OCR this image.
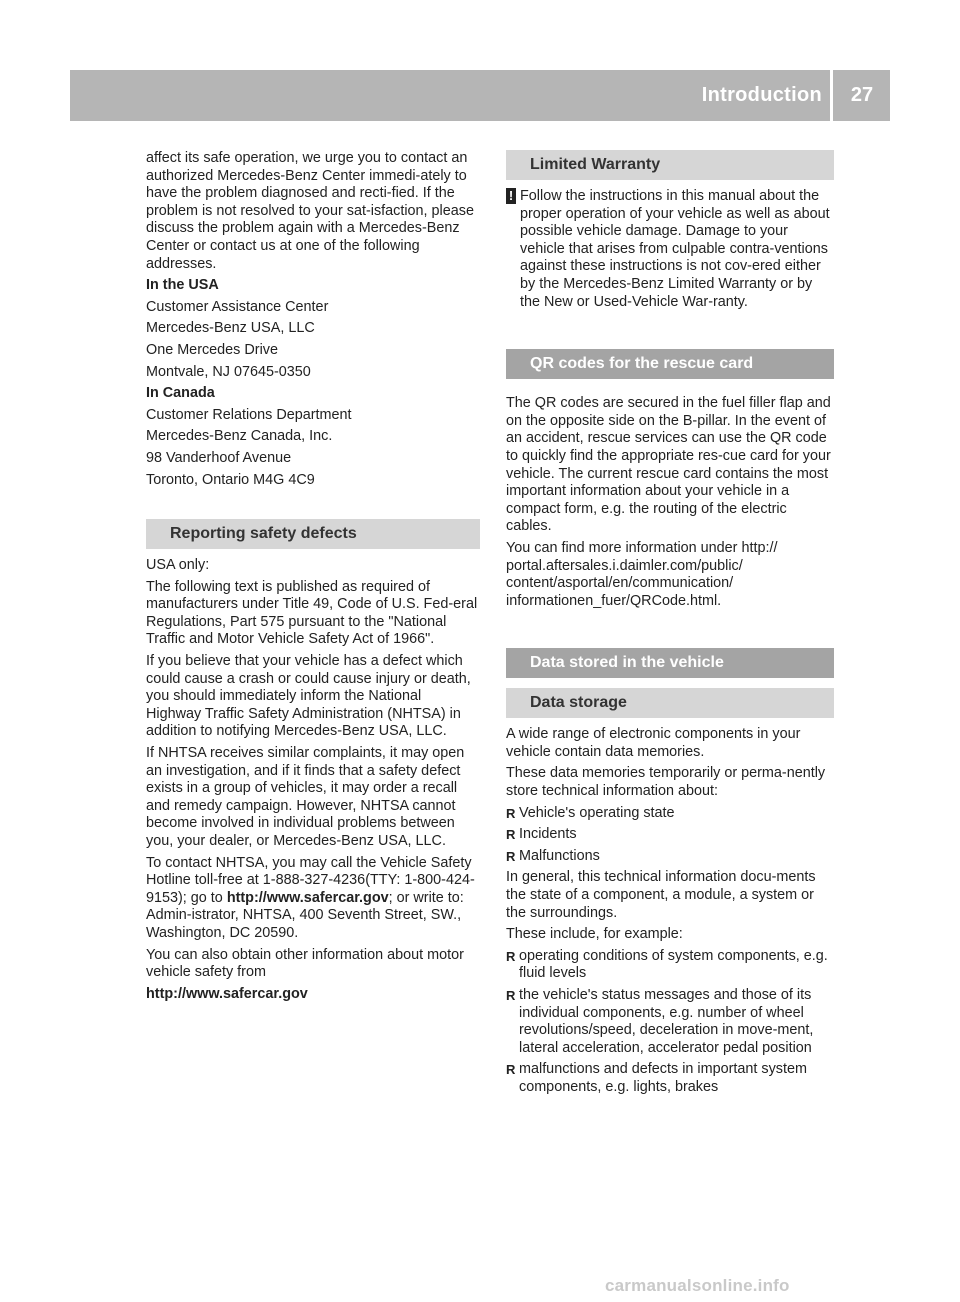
Introduction	27

affect its safe operation, we urge you to contact an authorized Mercedes-Benz Center immedi-ately to have the problem diagnosed and recti-fied. If the problem is not resolved to your sat-isfaction, please discuss the problem again with a Mercedes-Benz Center or contact us at one of the following addresses.

In the USA

Customer Assistance Center

Mercedes-Benz USA, LLC

One Mercedes Drive

Montvale, NJ 07645-0350

In Canada

Customer Relations Department

Mercedes-Benz Canada, Inc.

98 Vanderhoof Avenue

Toronto, Ontario M4G 4C9

Reporting safety defects

USA only:

The following text is published as required of manufacturers under Title 49, Code of U.S. Fed-eral Regulations, Part 575 pursuant to the "National Traffic and Motor Vehicle Safety Act of 1966".

If you believe that your vehicle has a defect which could cause a crash or could cause injury or death, you should immediately inform the National Highway Traffic Safety Administration (NHTSA) in addition to notifying Mercedes-Benz USA, LLC.

If NHTSA receives similar complaints, it may open an investigation, and if it finds that a safety defect exists in a group of vehicles, it may order a recall and remedy campaign. However, NHTSA cannot become involved in individual problems between you, your dealer, or Mercedes-Benz USA, LLC.

To contact NHTSA, you may call the Vehicle Safety Hotline toll-free at 1-888-327-4236(TTY: 1-800-424-9153); go to http://www.safercar.gov; or write to: Admin-istrator, NHTSA, 400 Seventh Street, SW., Washington, DC 20590.

You can also obtain other information about motor vehicle safety from

http://www.safercar.gov

Limited Warranty
! Follow the instructions in this manual about the proper operation of your vehicle as well as about possible vehicle damage. Damage to your vehicle that arises from culpable contra-ventions against these instructions is not cov-ered either by the Mercedes-Benz Limited Warranty or by the New or Used-Vehicle War-ranty.
QR codes for the rescue card

The QR codes are secured in the fuel filler flap and on the opposite side on the B-pillar. In the event of an accident, rescue services can use the QR code to quickly find the appropriate res-cue card for your vehicle. The current rescue card contains the most important information about your vehicle in a compact form, e.g. the routing of the electric cables.

You can find more information under http:// portal.aftersales.i.daimler.com/public/ content/asportal/en/communication/ informationen_fuer/QRCode.html.

Data stored in the vehicle
Data storage

A wide range of electronic components in your vehicle contain data memories.

These data memories temporarily or perma-nently store technical information about:

R Vehicle's operating state
R Incidents
R Malfunctions

In general, this technical information docu-ments the state of a component, a module, a system or the surroundings.

These include, for example:

R operating conditions of system components, e.g. fluid levels
R the vehicle's status messages and those of its individual components, e.g. number of wheel revolutions/speed, deceleration in move-ment, lateral acceleration, accelerator pedal position
R malfunctions and defects in important system components, e.g. lights, brakes
carmanualsonline.info
